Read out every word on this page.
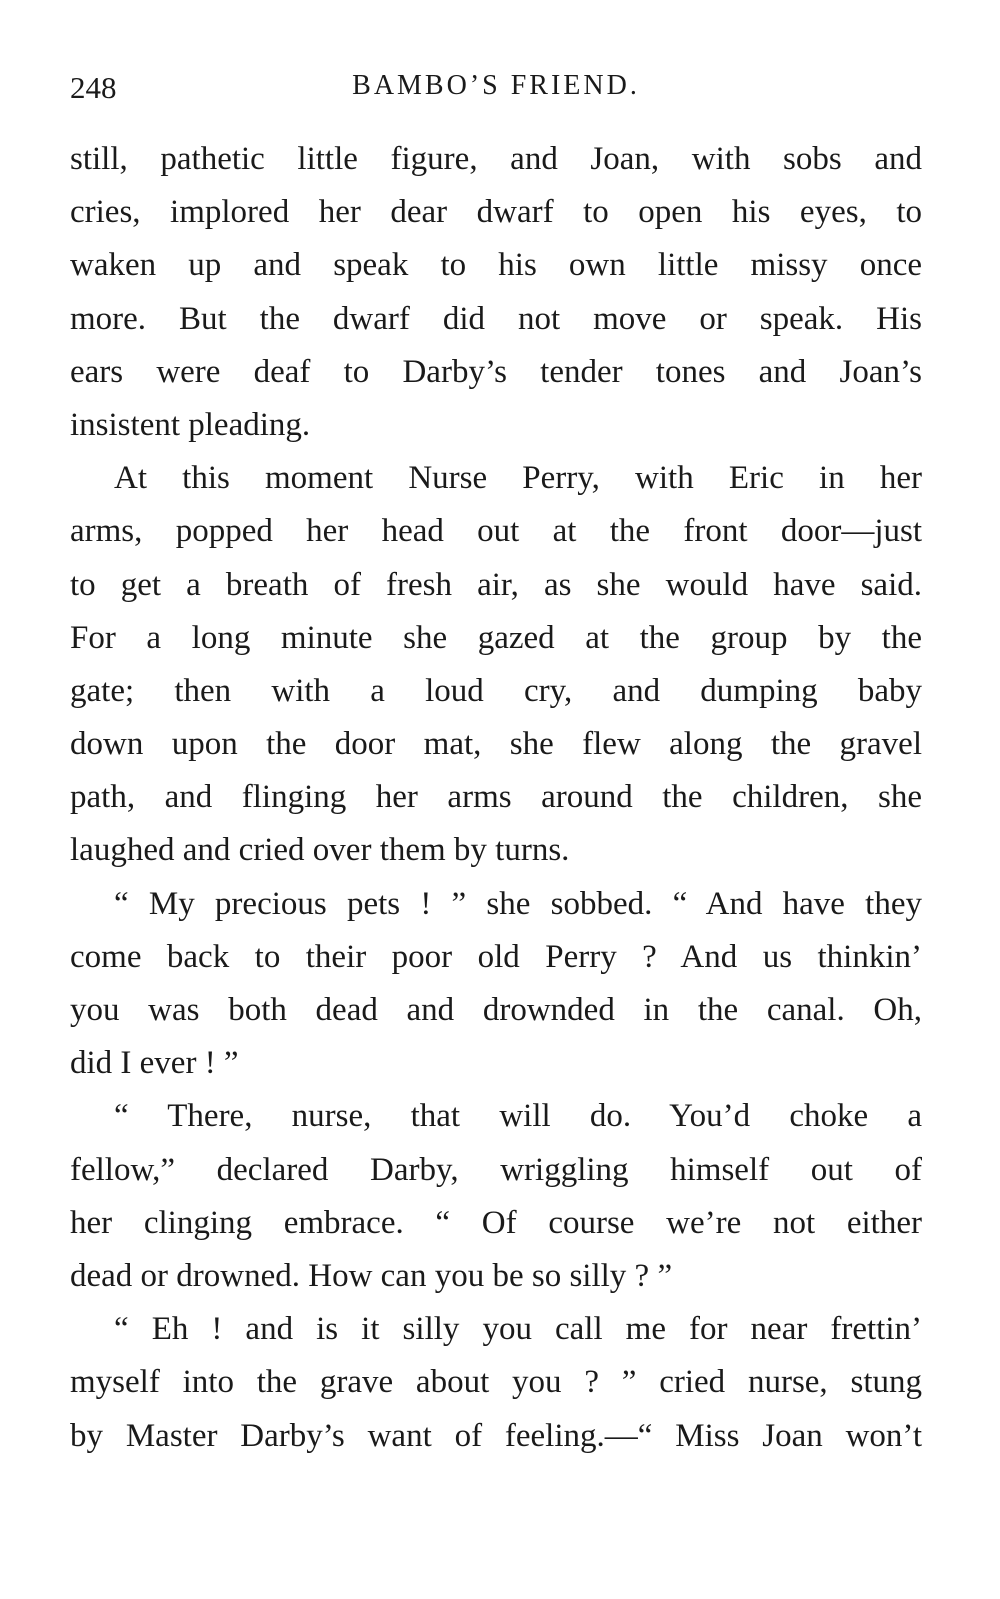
248	BAMBO’S FRIEND.
still, pathetic little figure, and Joan, with sobs and
cries, implored her dear dwarf to open his eyes, to
waken up and speak to his own little missy once
more. But the dwarf did not move or speak. His
ears were deaf to Darby’s tender tones and Joan’s
insistent pleading.
At this moment Nurse Perry, with Eric in her
arms, popped her head out at the front door—just
to get a breath of fresh air, as she would have said.
For a long minute she gazed at the group by the
gate; then with a loud cry, and dumping baby
down upon the door mat, she flew along the gravel
path, and flinging her arms around the children, she
laughed and cried over them by turns.
“ My precious pets ! ” she sobbed. “ And have they
come back to their poor old Perry ? And us thinkin’
you was both dead and drownded in the canal. Oh,
did I ever ! ”
“ There, nurse, that will do. You’d choke a
fellow,” declared Darby, wriggling himself out of
her clinging embrace. “ Of course we’re not either
dead or drowned. How can you be so silly ? ”
“ Eh ! and is it silly you call me for near frettin’
myself into the grave about you ? ” cried nurse, stung
by Master Darby’s want of feeling.—“ Miss Joan won’t
